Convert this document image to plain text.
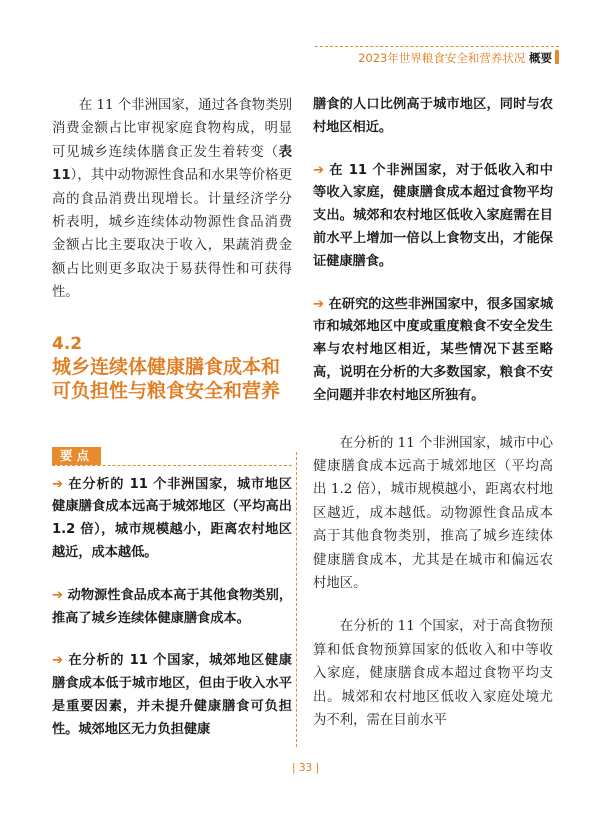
2023年世界粮食安全和营养状况 概要

在 11 个非洲国家，通过各食物类别消费金额占比审视家庭食物构成，明显可见城乡连续体膳食正发生着转变（表 11），其中动物源性食品和水果等价格更高的食品消费出现增长。计量经济学分析表明，城乡连续体动物源性食品消费金额占比主要取决于收入，果蔬消费金额占比则更多取决于易获得性和可获得性。

4.2
城乡连续体健康膳食成本和可负担性与粮食安全和营养
要点

➔ 在分析的 11 个非洲国家，城市地区健康膳食成本远高于城郊地区（平均高出 1.2 倍），城市规模越小，距离农村地区越近，成本越低。

➔ 动物源性食品成本高于其他食物类别，推高了城乡连续体健康膳食成本。

➔ 在分析的 11 个国家，城郊地区健康膳食成本低于城市地区，但由于收入水平是重要因素，并未提升健康膳食可负担性。城郊地区无力负担健康

膳食的人口比例高于城市地区，同时与农村地区相近。

➔ 在 11 个非洲国家，对于低收入和中等收入家庭，健康膳食成本超过食物平均支出。城郊和农村地区低收入家庭需在目前水平上增加一倍以上食物支出，才能保证健康膳食。

➔ 在研究的这些非洲国家中，很多国家城市和城郊地区中度或重度粮食不安全发生率与农村地区相近，某些情况下甚至略高，说明在分析的大多数国家，粮食不安全问题并非农村地区所独有。

在分析的 11 个非洲国家，城市中心健康膳食成本远高于城郊地区（平均高出 1.2 倍），城市规模越小，距离农村地区越近，成本越低。动物源性食品成本高于其他食物类别，推高了城乡连续体健康膳食成本，尤其是在城市和偏远农村地区。

在分析的 11 个国家，对于高食物预算和低食物预算国家的低收入和中等收入家庭，健康膳食成本超过食物平均支出。城郊和农村地区低收入家庭处境尤为不利，需在目前水平

| 33 |
